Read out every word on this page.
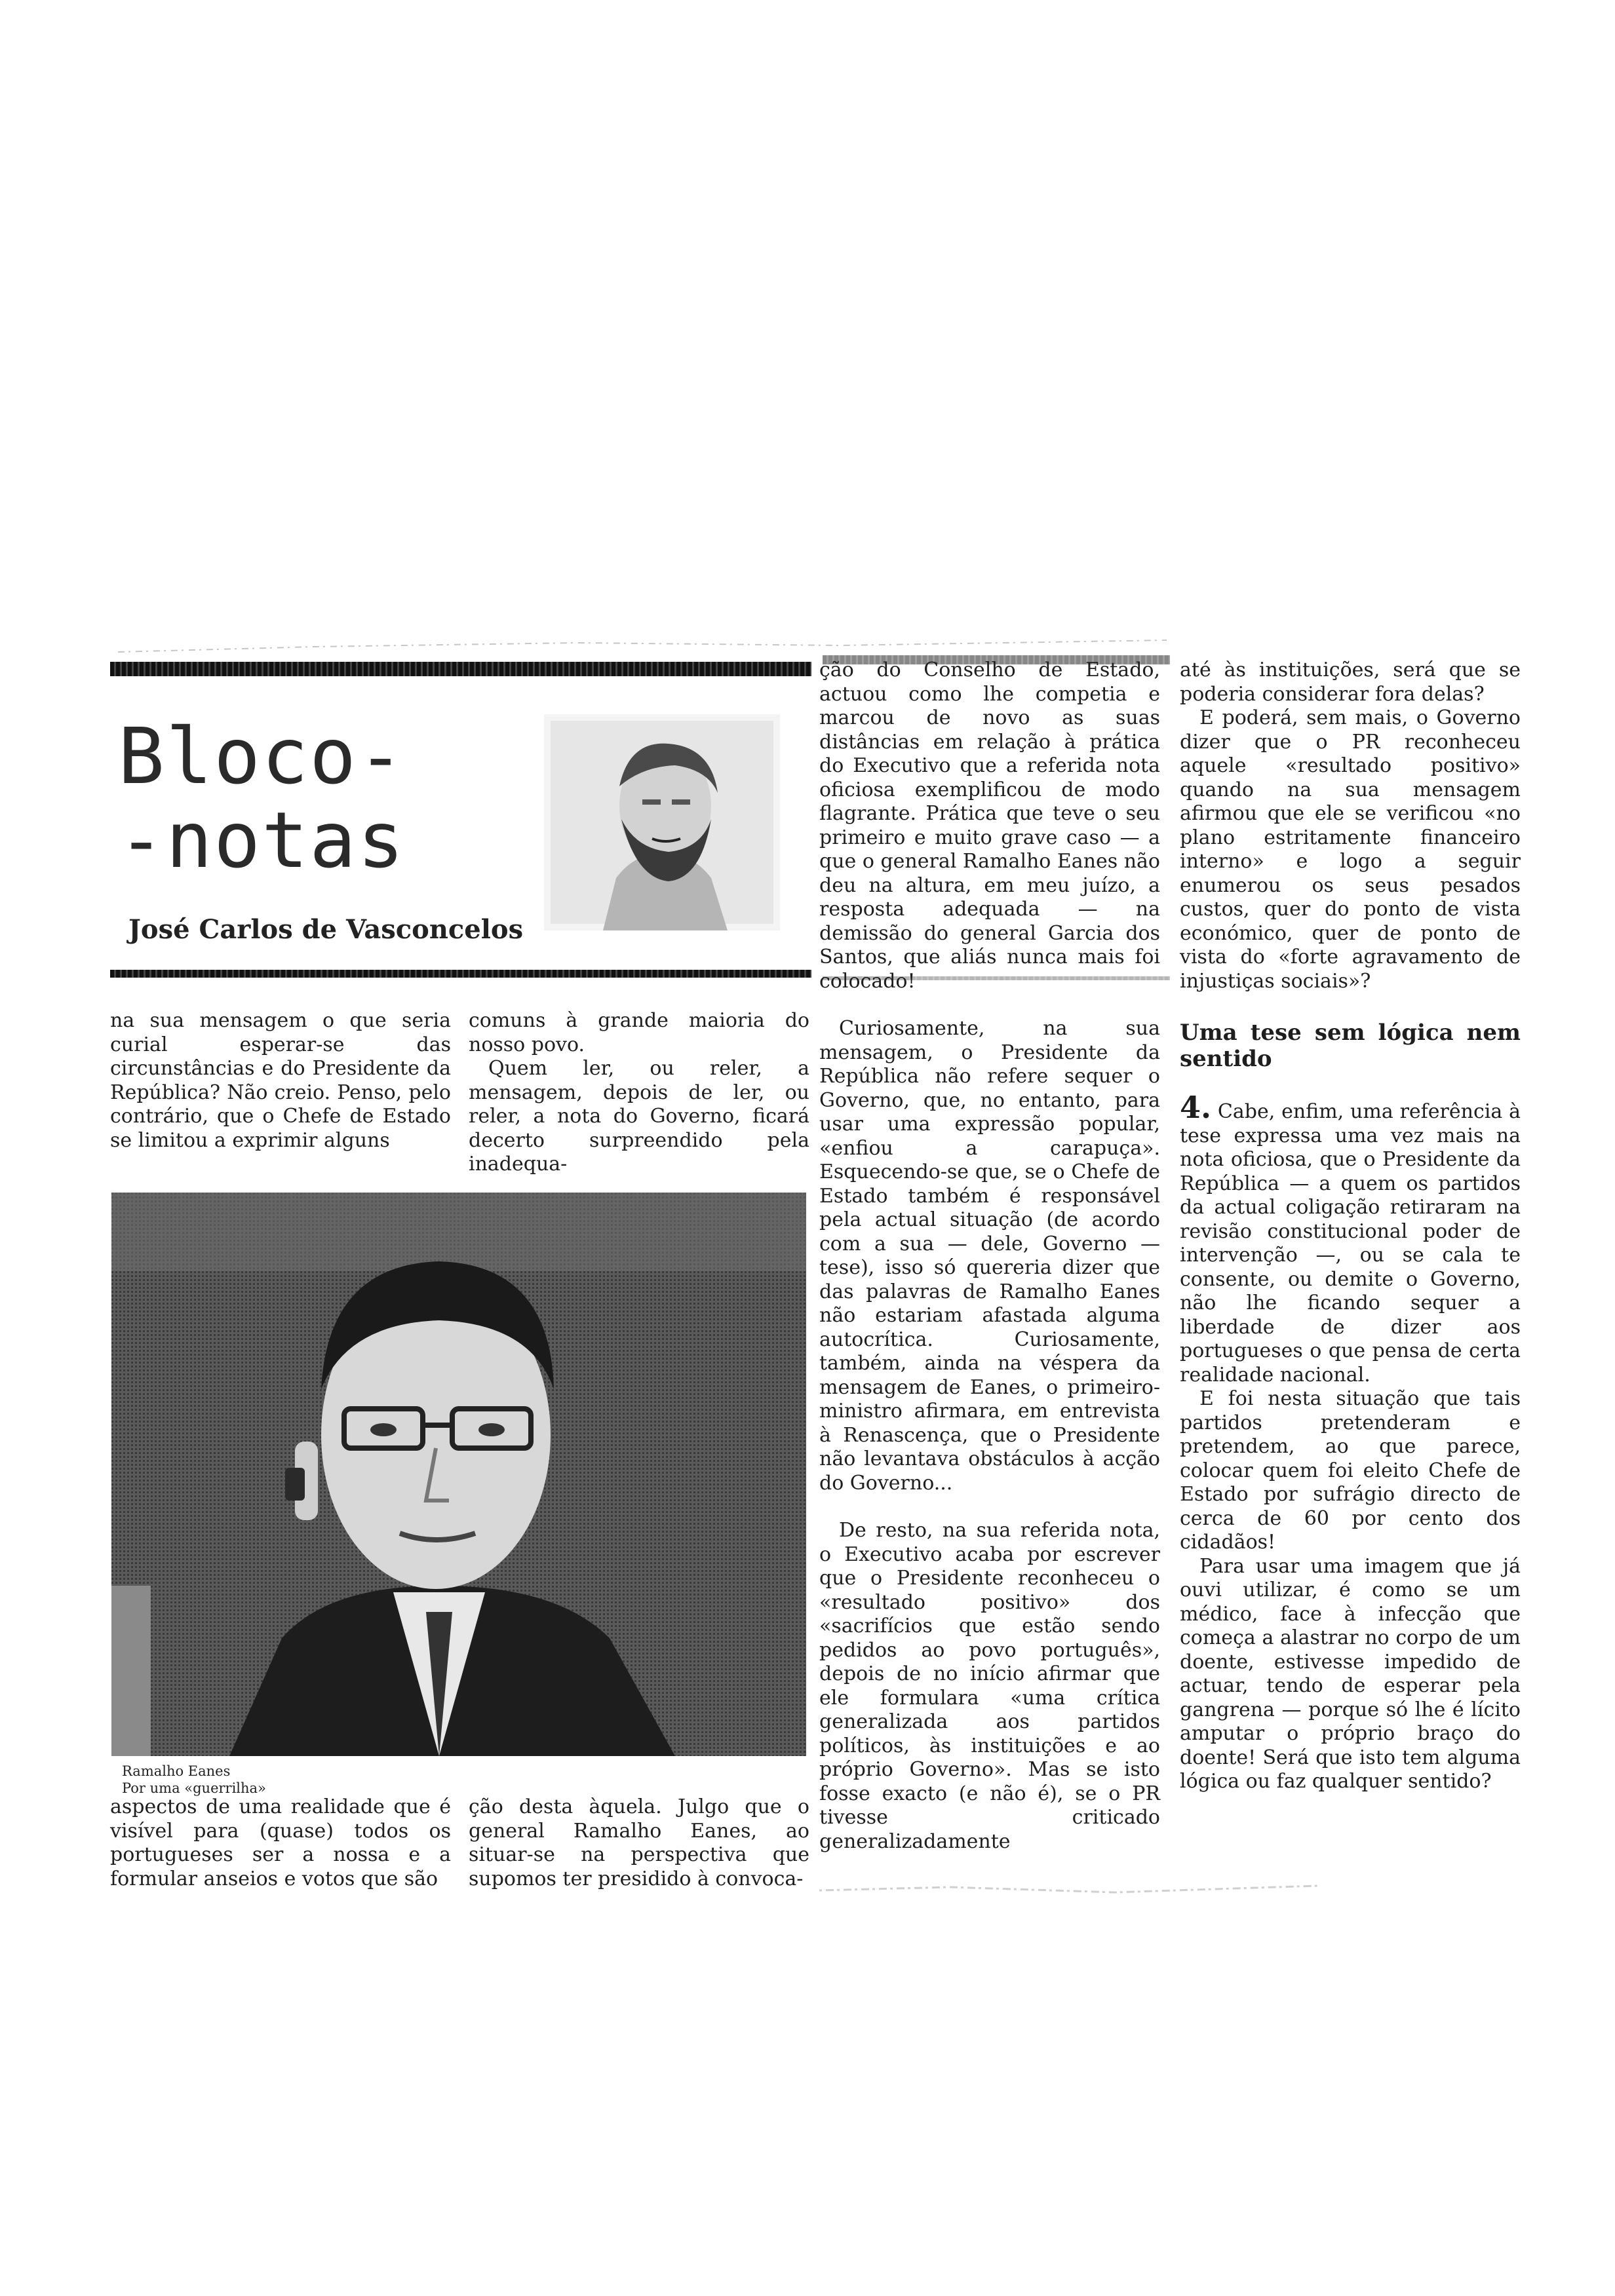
Bloco-
-notas
José Carlos de Vasconcelos

na sua mensagem o que seria curial esperar-se das circunstâncias e do Presidente da República? Não creio. Penso, pelo contrário, que o Chefe de Estado se limitou a exprimir alguns

comuns à grande maioria do nosso povo.

Quem ler, ou reler, a mensagem, depois de ler, ou reler, a nota do Governo, ficará decerto surpreendido pela inadequa-

Ramalho Eanes
Por uma «guerrilha»

aspectos de uma realidade que é visível para (quase) todos os portugueses ser a nossa e a formular anseios e votos que são

ção desta àquela. Julgo que o general Ramalho Eanes, ao situar-se na perspectiva que supomos ter presidido à convoca-

ção do Conselho de Estado, actuou como lhe competia e marcou de novo as suas distâncias em relação à prática do Executivo que a referida nota oficiosa exemplificou de modo flagrante. Prática que teve o seu primeiro e muito grave caso — a que o general Ramalho Eanes não deu na altura, em meu juízo, a resposta adequada — na demissão do general Garcia dos Santos, que aliás nunca mais foi colocado!

Curiosamente, na sua mensagem, o Presidente da República não refere sequer o Governo, que, no entanto, para usar uma expressão popular, «enfiou a carapuça». Esquecendo-se que, se o Chefe de Estado também é responsável pela actual situação (de acordo com a sua — dele, Governo — tese), isso só quereria dizer que das palavras de Ramalho Eanes não estariam afastada alguma autocrítica. Curiosamente, também, ainda na véspera da mensagem de Eanes, o primeiro-ministro afirmara, em entrevista à Renascença, que o Presidente não levantava obstáculos à acção do Governo...

De resto, na sua referida nota, o Executivo acaba por escrever que o Presidente reconheceu o «resultado positivo» dos «sacrifícios que estão sendo pedidos ao povo português», depois de no início afirmar que ele formulara «uma crítica generalizada aos partidos políticos, às instituições e ao próprio Governo». Mas se isto fosse exacto (e não é), se o PR tivesse criticado generalizadamente

até às instituições, será que se poderia considerar fora delas?

E poderá, sem mais, o Governo dizer que o PR reconheceu aquele «resultado positivo» quando na sua mensagem afirmou que ele se verificou «no plano estritamente financeiro interno» e logo a seguir enumerou os seus pesados custos, quer do ponto de vista económico, quer de ponto de vista do «forte agravamento de injustiças sociais»?

Uma tese sem lógica nem sentido

4. Cabe, enfim, uma referência à tese expressa uma vez mais na nota oficiosa, que o Presidente da República — a quem os partidos da actual coligação retiraram na revisão constitucional poder de intervenção —, ou se cala te consente, ou demite o Governo, não lhe ficando sequer a liberdade de dizer aos portugueses o que pensa de certa realidade nacional.

E foi nesta situação que tais partidos pretenderam e pretendem, ao que parece, colocar quem foi eleito Chefe de Estado por sufrágio directo de cerca de 60 por cento dos cidadãos!

Para usar uma imagem que já ouvi utilizar, é como se um médico, face à infecção que começa a alastrar no corpo de um doente, estivesse impedido de actuar, tendo de esperar pela gangrena — porque só lhe é lícito amputar o próprio braço do doente! Será que isto tem alguma lógica ou faz qualquer sentido?
